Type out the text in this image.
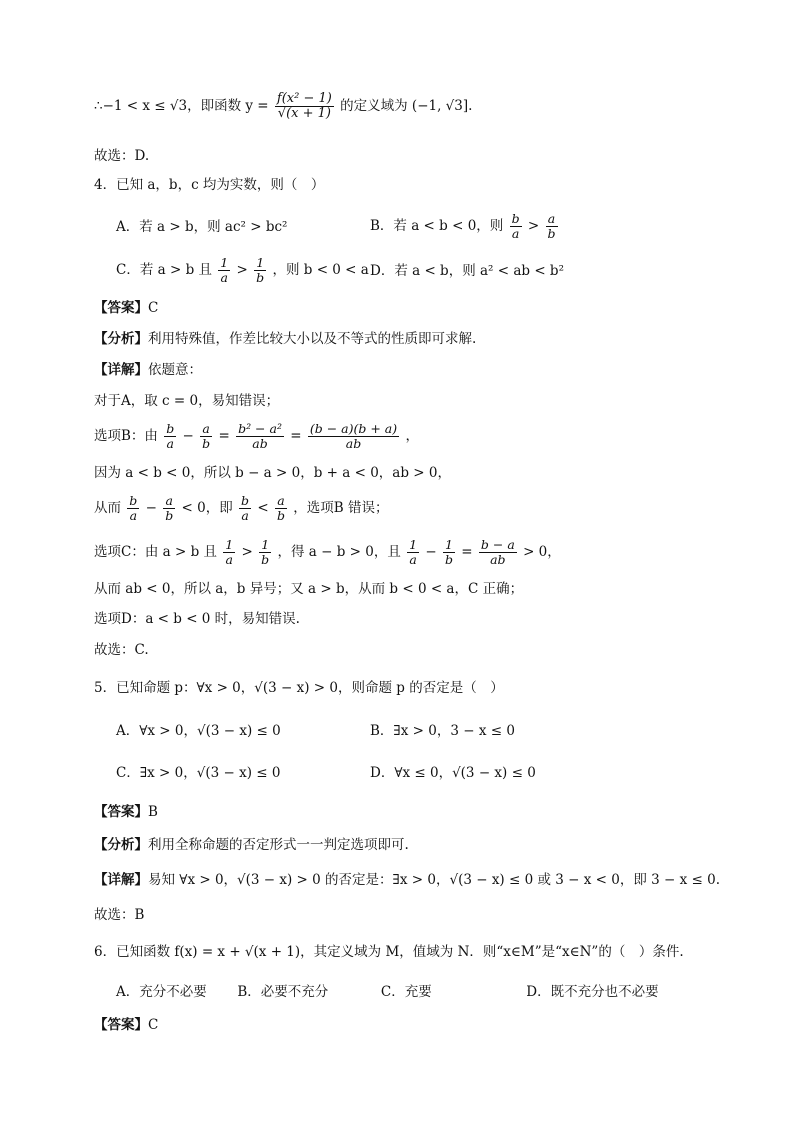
∴−1 < x ≤ √3，即函数 $y = \frac{\text{f(x² − 1)}}{√(x + 1)}$ 的定义域为 (−1, √3].
故选：D.
4．已知 a，b，c 均为实数，则（　）
A．若 a > b，则 ac² > bc²	B．若 a < b < 0，则 $\frac{b}{a} > \frac{a}{b}$
C．若 a > b 且 $\frac{1}{a} > \frac{1}{b}$ ，则 b < 0 < a D．若 a < b，则 a² < ab < b²
【答案】C
【分析】利用特殊值，作差比较大小以及不等式的性质即可求解.
【详解】依题意：
对于A，取 c = 0，易知错误；
选项B：由 $\frac{b}{a} - \frac{a}{b} = \frac{\text{b² − a²}}{ab} = \frac{(b - a)(b + a)}{ab}$ ，
因为 a < b < 0，所以 b − a > 0，b + a < 0，ab > 0，
从而 $\frac{b}{a} - \frac{a}{b} < 0$，即 $\frac{b}{a} < \frac{a}{b}$ ，选项B 错误；
选项C：由 a > b 且 $\frac{1}{a} > \frac{1}{b}$ ，得 a − b > 0，且 $\frac{1}{a} - \frac{1}{b} = \frac{b - a}{ab} > 0$，
从而 ab < 0，所以 a，b 异号；又 a > b，从而 b < 0 < a，C 正确；
选项D：a < b < 0 时，易知错误.
故选：C.
5．已知命题 p：∀x > 0，√(3 − x) > 0，则命题 p 的否定是（　）
A．∀x > 0，√(3 − x) ≤ 0	B．∃x > 0，3 − x ≤ 0
C．∃x > 0，√(3 − x) ≤ 0	D．∀x ≤ 0，√(3 − x) ≤ 0
【答案】B
【分析】利用全称命题的否定形式一一判定选项即可.
【详解】易知 ∀x > 0，√(3 − x) > 0 的否定是：∃x > 0，√(3 − x) ≤ 0 或 3 − x < 0，即 3 − x ≤ 0.
故选：B
6．已知函数 f(x) = x + √(x + 1)，其定义域为 M，值域为 N．则“x∈M”是“x∈N”的（　）条件.
A．充分不必要 B．必要不充分	C．充要	D．既不充分也不必要
【答案】C
